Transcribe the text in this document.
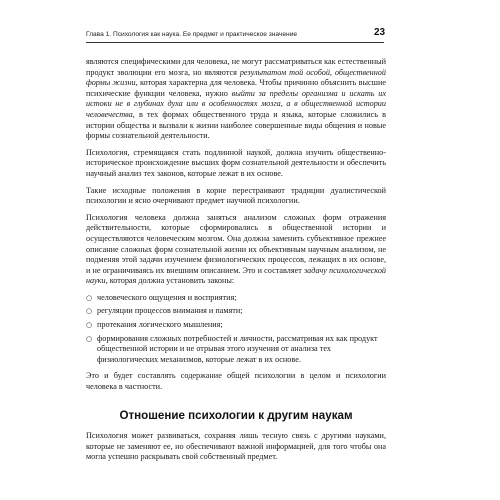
Глава 1. Психология как наука. Ее предмет и практическое значение	23

являются специфическими для человека, не могут рассматриваться как естественный продукт эволюции его мозга, но являются результатом той особой, общественной формы жизни, которая характерна для человека. Чтобы причинно объяснить высшие психические функции человека, нужно выйти за пределы организма и искать их истоки не в глубинах духа или в особенностях мозга, а в общественной истории человечества, в тех формах общественного труда и языка, которые сложились в истории общества и вызвали к жизни наиболее совершенные виды общения и новые формы сознательной деятельности.

Психология, стремящаяся стать подлинной наукой, должна изучить общественно-историческое происхождение высших форм сознательной деятельности и обеспечить научный анализ тех законов, которые лежат в их основе.

Такие исходные положения в корне перестраивают традиции дуалистической психологии и ясно очерчивают предмет научной психологии.

Психология человека должна заняться анализом сложных форм отражения действительности, которые сформировались в общественной истории и осуществляются человеческим мозгом. Она должна заменить субъективное прежнее описание сложных форм сознательной жизни их объективным научным анализом, не подменяя этой задачи изучением физиологических процессов, лежащих в их основе, и не ограничиваясь их внешним описанием. Это и составляет задачу психологической науки, которая должна установить законы:

○ человеческого ощущения и восприятия;
○ регуляции процессов внимания и памяти;
○ протекания логического мышления;
○ формирования сложных потребностей и личности, рассматривая их как продукт общественной истории и не отрывая этого изучения от анализа тех физиологических механизмов, которые лежат в их основе.

Это и будет составлять содержание общей психологии в целом и психологии человека в частности.

Отношение психологии к другим наукам

Психология может развиваться, сохраняя лишь тесную связь с другими науками, которые не заменяют ее, но обеспечивают важной информацией, для того чтобы она могла успешно раскрывать свой собственный предмет.
